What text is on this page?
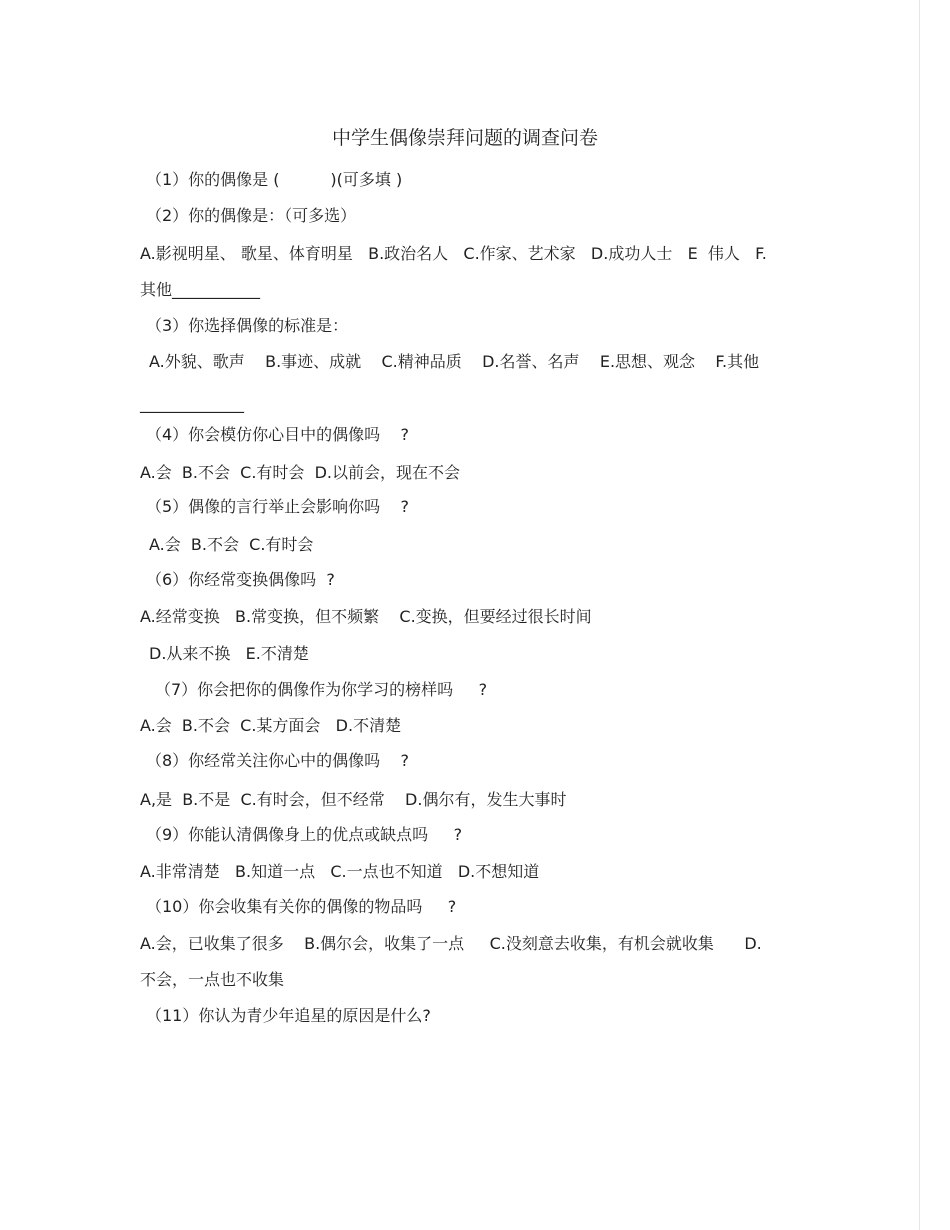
中学生偶像崇拜问题的调查问卷
（1）你的偶像是 (          )(可多填 )
（2）你的偶像是：（可多选）
A.影视明星、 歌星、体育明星   B.政治名人   C.作家、艺术家   D.成功人士   E  伟人   F.
其他___________
（3）你选择偶像的标准是：
A.外貌、歌声    B.事迹、成就    C.精神品质    D.名誉、名声    E.思想、观念    F.其他
_____________
（4）你会模仿你心目中的偶像吗    ?
A.会  B.不会  C.有时会  D.以前会，现在不会
（5）偶像的言行举止会影响你吗    ?
A.会  B.不会  C.有时会
（6）你经常变换偶像吗  ?
A.经常变换   B.常变换，但不频繁    C.变换，但要经过很长时间
D.从来不换   E.不清楚
（7）你会把你的偶像作为你学习的榜样吗     ?
A.会  B.不会  C.某方面会   D.不清楚
（8）你经常关注你心中的偶像吗    ?
A,是  B.不是  C.有时会，但不经常    D.偶尔有，发生大事时
（9）你能认清偶像身上的优点或缺点吗     ?
A.非常清楚   B.知道一点   C.一点也不知道   D.不想知道
（10）你会收集有关你的偶像的物品吗     ?
A.会，已收集了很多    B.偶尔会，收集了一点     C.没刻意去收集，有机会就收集      D.
不会，一点也不收集
（11）你认为青少年追星的原因是什么?
